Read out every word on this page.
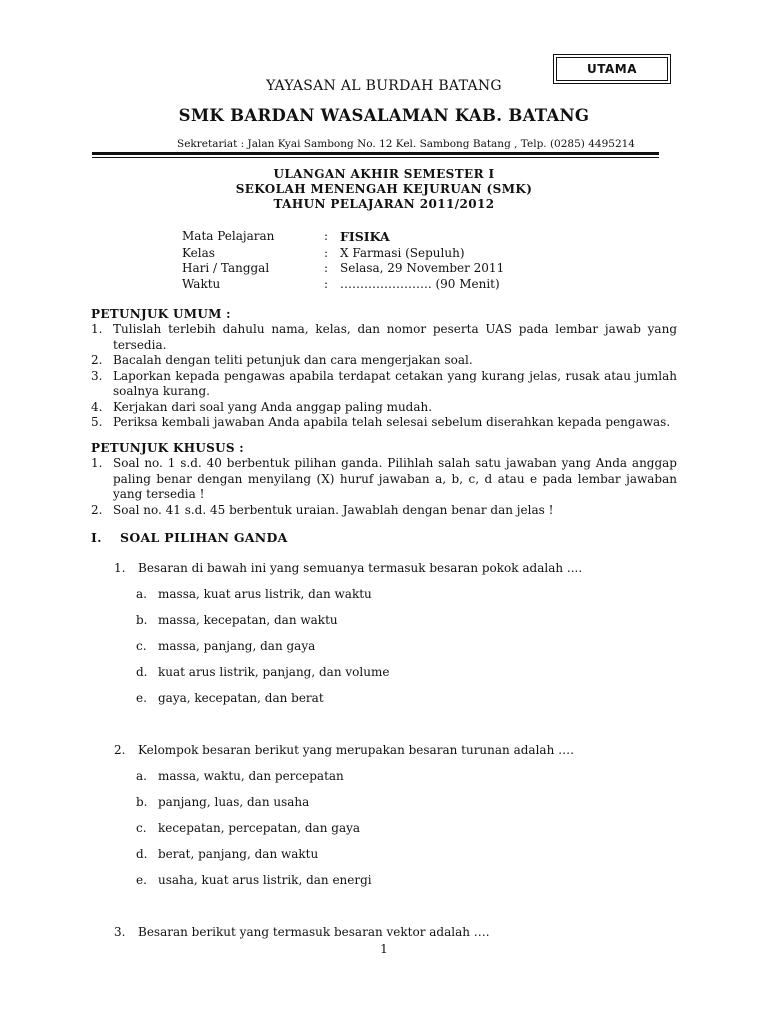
UTAMA
YAYASAN AL BURDAH BATANG
SMK BARDAN WASALAMAN KAB. BATANG
Sekretariat : Jalan Kyai Sambong No. 12 Kel. Sambong Batang , Telp. (0285) 4495214
ULANGAN AKHIR SEMESTER I
SEKOLAH MENENGAH KEJURUAN (SMK)
TAHUN PELAJARAN 2011/2012
Mata Pelajaran	: FISIKA
Kelas	: X Farmasi (Sepuluh)
Hari / Tanggal	: Selasa, 29 November 2011
Waktu	: ………………….. (90 Menit)
PETUNJUK UMUM :
1. Tulislah terlebih dahulu nama, kelas, dan nomor peserta UAS pada lembar jawab yang tersedia.
2. Bacalah dengan teliti petunjuk dan cara mengerjakan soal.
3. Laporkan kepada pengawas apabila terdapat cetakan yang kurang jelas, rusak atau jumlah soalnya kurang.
4. Kerjakan dari soal yang Anda anggap paling mudah.
5. Periksa kembali jawaban Anda apabila telah selesai sebelum diserahkan kepada pengawas.
PETUNJUK KHUSUS :
1. Soal no. 1 s.d. 40 berbentuk pilihan ganda. Pilihlah salah satu jawaban yang Anda anggap paling benar dengan menyilang (X) huruf jawaban a, b, c, d atau e pada lembar jawaban yang tersedia !
2. Soal no. 41 s.d. 45 berbentuk uraian. Jawablah dengan benar dan jelas !
I. SOAL PILIHAN GANDA
1. Besaran di bawah ini yang semuanya termasuk besaran pokok adalah ....
a. massa, kuat arus listrik, dan waktu
b. massa, kecepatan, dan waktu
c. massa, panjang, dan gaya
d. kuat arus listrik, panjang, dan volume
e. gaya, kecepatan, dan berat
2. Kelompok besaran berikut yang merupakan besaran turunan adalah ….
a. massa, waktu, dan percepatan
b. panjang, luas, dan usaha
c. kecepatan, percepatan, dan gaya
d. berat, panjang, dan waktu
e. usaha, kuat arus listrik, dan energi
3. Besaran berikut yang termasuk besaran vektor adalah ….
1
